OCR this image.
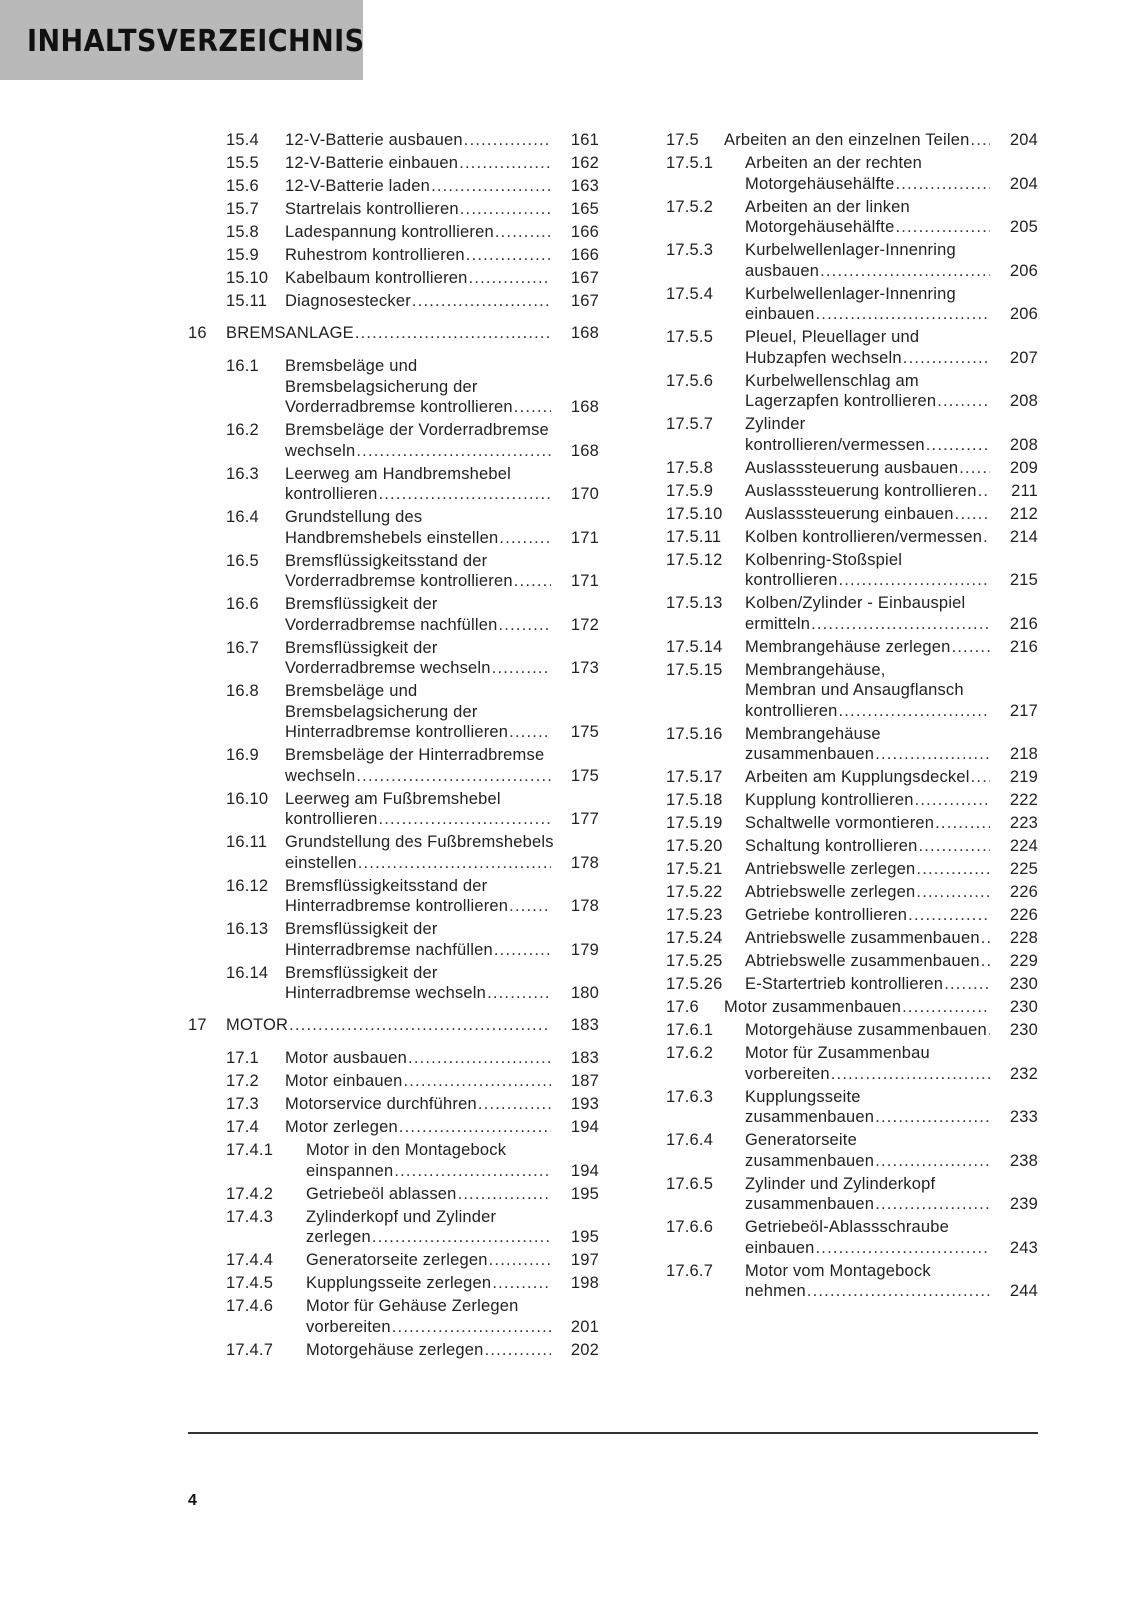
INHALTSVERZEICHNIS
15.4 12-V-Batterie ausbauen .....	161
15.5 12-V-Batterie einbauen .....	162
15.6 12-V-Batterie laden .....	163
15.7 Startrelais kontrollieren .....	165
15.8 Ladespannung kontrollieren .....	166
15.9 Ruhestrom kontrollieren .....	166
15.10 Kabelbaum kontrollieren .....	167
15.11 Diagnosestecker .....	167
16 BREMSANLAGE .....	168
16.1 Bremsbeläge und
Bremsbelagsicherung der
Vorderradbremse kontrollieren .....	168
16.2 Bremsbeläge der Vorderradbremse
wechseln .....	168
16.3 Leerweg am Handbremshebel
kontrollieren .....	170
16.4 Grundstellung des
Handbremshebels einstellen .....	171
16.5 Bremsflüssigkeitsstand der
Vorderradbremse kontrollieren .....	171
16.6 Bremsflüssigkeit der
Vorderradbremse nachfüllen .....	172
16.7 Bremsflüssigkeit der
Vorderradbremse wechseln .....	173
16.8 Bremsbeläge und
Bremsbelagsicherung der
Hinterradbremse kontrollieren .....	175
16.9 Bremsbeläge der Hinterradbremse
wechseln .....	175
16.10 Leerweg am Fußbremshebel
kontrollieren .....	177
16.11 Grundstellung des Fußbremshebels
einstellen .....	178
16.12 Bremsflüssigkeitsstand der
Hinterradbremse kontrollieren .....	178
16.13 Bremsflüssigkeit der
Hinterradbremse nachfüllen .....	179
16.14 Bremsflüssigkeit der
Hinterradbremse wechseln .....	180
17 MOTOR .....	183
17.1 Motor ausbauen .....	183
17.2 Motor einbauen .....	187
17.3 Motorservice durchführen .....	193
17.4 Motor zerlegen .....	194
17.4.1 Motor in den Montagebock
einspannen .....	194
17.4.2 Getriebeöl ablassen .....	195
17.4.3 Zylinderkopf und Zylinder
zerlegen .....	195
17.4.4 Generatorseite zerlegen .....	197
17.4.5 Kupplungsseite zerlegen .....	198
17.4.6 Motor für Gehäuse Zerlegen
vorbereiten .....	201
17.4.7 Motorgehäuse zerlegen .....	202
17.5 Arbeiten an den einzelnen Teilen ..... 204
17.5.1 Arbeiten an der rechten
Motorgehäusehälfte .....	204
17.5.2 Arbeiten an der linken
Motorgehäusehälfte .....	205
17.5.3 Kurbelwellenlager-Innenring
ausbauen .....	206
17.5.4 Kurbelwellenlager-Innenring
einbauen .....	206
17.5.5 Pleuel, Pleuellager und
Hubzapfen wechseln .....	207
17.5.6 Kurbelwellenschlag am
Lagerzapfen kontrollieren .....	208
17.5.7 Zylinder
kontrollieren/vermessen .....	208
17.5.8 Auslasssteuerung ausbauen .....	209
17.5.9 Auslasssteuerung kontrollieren ..... 211
17.5.10 Auslasssteuerung einbauen .....	212
17.5.11 Kolben kontrollieren/vermessen ..... 214
17.5.12 Kolbenring-Stoßspiel
kontrollieren .....	215
17.5.13 Kolben/Zylinder - Einbauspiel
ermitteln .....	216
17.5.14 Membrangehäuse zerlegen .....	216
17.5.15 Membrangehäuse,
Membran und Ansaugflansch
kontrollieren .....	217
17.5.16 Membrangehäuse
zusammenbauen .....	218
17.5.17 Arbeiten am Kupplungsdeckel ..... 219
17.5.18 Kupplung kontrollieren .....	222
17.5.19 Schaltwelle vormontieren .....	223
17.5.20 Schaltung kontrollieren .....	224
17.5.21 Antriebswelle zerlegen .....	225
17.5.22 Abtriebswelle zerlegen .....	226
17.5.23 Getriebe kontrollieren .....	226
17.5.24 Antriebswelle zusammenbauen ..... 228
17.5.25 Abtriebswelle zusammenbauen ..... 229
17.5.26 E-Startertrieb kontrollieren .....	230
17.6 Motor zusammenbauen .....	230
17.6.1 Motorgehäuse zusammenbauen ..... 230
17.6.2 Motor für Zusammenbau
vorbereiten .....	232
17.6.3 Kupplungsseite
zusammenbauen .....	233
17.6.4 Generatorseite
zusammenbauen .....	238
17.6.5 Zylinder und Zylinderkopf
zusammenbauen .....	239
17.6.6 Getriebeöl-Ablassschraube
einbauen .....	243
17.6.7 Motor vom Montagebock
nehmen .....	244
4
